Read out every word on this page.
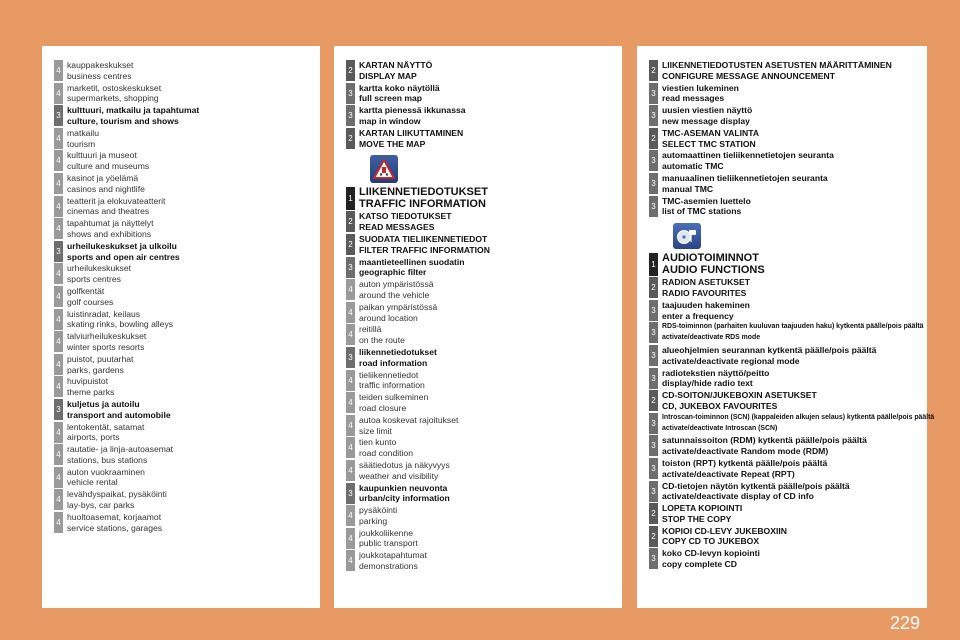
4
kauppakeskukset
business centres
4
marketit, ostoskeskukset
supermarkets, shopping
3
kulttuuri, matkailu ja tapahtumat
culture, tourism and shows
4
matkailu
tourism
4
kulttuuri ja museot
culture and museums
4
kasinot ja yöelämä
casinos and nightlife
4
teatterit ja elokuvateatterit
cinemas and theatres
4
tapahtumat ja näyttelyt
shows and exhibitions
3
urheilukeskukset ja ulkoilu
sports and open air centres
4
urheilukeskukset
sports centres
4
golfkentät
golf courses
4
luistinradat, keilaus
skating rinks, bowling alleys
4
talviurheilukeskukset
winter sports resorts
4
puistot, puutarhat
parks, gardens
4
huvipuistot
theme parks
3
kuljetus ja autoilu
transport and automobile
4
lentokentät, satamat
airports, ports
4
rautatie- ja linja-autoasemat
stations, bus stations
4
auton vuokraaminen
vehicle rental
4
levähdyspaikat, pysäköinti
lay-bys, car parks
4
huoltoasemat, korjaamot
service stations, garages
2
KARTAN NÄYTTÖ
DISPLAY MAP
3
kartta koko näytöllä
full screen map
3
kartta pienessä ikkunassa
map in window
2
KARTAN LIIKUTTAMINEN
MOVE THE MAP
1
LIIKENNETIEDOTUKSET
TRAFFIC INFORMATION
2
KATSO TIEDOTUKSET
READ MESSAGES
2
SUODATA TIELIIKENNETIEDOT
FILTER TRAFFIC INFORMATION
3
maantieteellinen suodatin
geographic filter
4
auton ympäristössä
around the vehicle
4
paikan ympäristössä
around location
4
reitillä
on the route
3
liikennetiedotukset
road information
4
tieliikennetiedot
traffic information
4
teiden sulkeminen
road closure
4
autoa koskevat rajoitukset
size limit
4
tien kunto
road condition
4
säätiedotus ja näkyvyys
weather and visibility
3
kaupunkien neuvonta
urban/city information
4
pysäköinti
parking
4
joukkoliikenne
public transport
4
joukkotapahtumat
demonstrations
2
LIIKENNETIEDOTUSTEN ASETUSTEN MÄÄRITTÄMINEN
CONFIGURE MESSAGE ANNOUNCEMENT
3
viestien lukeminen
read messages
3
uusien viestien näyttö
new message display
2
TMC-ASEMAN VALINTA
SELECT TMC STATION
3
automaattinen tieliikennetietojen seuranta
automatic TMC
3
manuaalinen tieliikennetietojen seuranta
manual TMC
3
TMC-asemien luettelo
list of TMC stations
1
AUDIOTOIMINNOT
AUDIO FUNCTIONS
2
RADION ASETUKSET
RADIO FAVOURITES
3
taajuuden hakeminen
enter a frequency
3
RDS-toiminnon (parhaiten kuuluvan taajuuden haku) kytkentä päälle/pois päältä
activate/deactivate RDS mode
3
alueohjelmien seurannan kytkentä päälle/pois päältä
activate/deactivate regional mode
3
radiotekstien näyttö/peitto
display/hide radio text
2
CD-SOITON/JUKEBOXIN ASETUKSET
CD, JUKEBOX FAVOURITES
3
Introscan-toiminnon (SCN) (kappaleiden alkujen selaus) kytkentä päälle/pois päältä
activate/deactivate Introscan (SCN)
3
satunnaissoiton (RDM) kytkentä päälle/pois päältä
activate/deactivate Random mode (RDM)
3
toiston (RPT) kytkentä päälle/pois päältä
activate/deactivate Repeat (RPT)
3
CD-tietojen näytön kytkentä päälle/pois päältä
activate/deactivate display of CD info
2
LOPETA KOPIOINTI
STOP THE COPY
2
KOPIOI CD-LEVY JUKEBOXIIN
COPY CD TO JUKEBOX
3
koko CD-levyn kopiointi
copy complete CD
229
